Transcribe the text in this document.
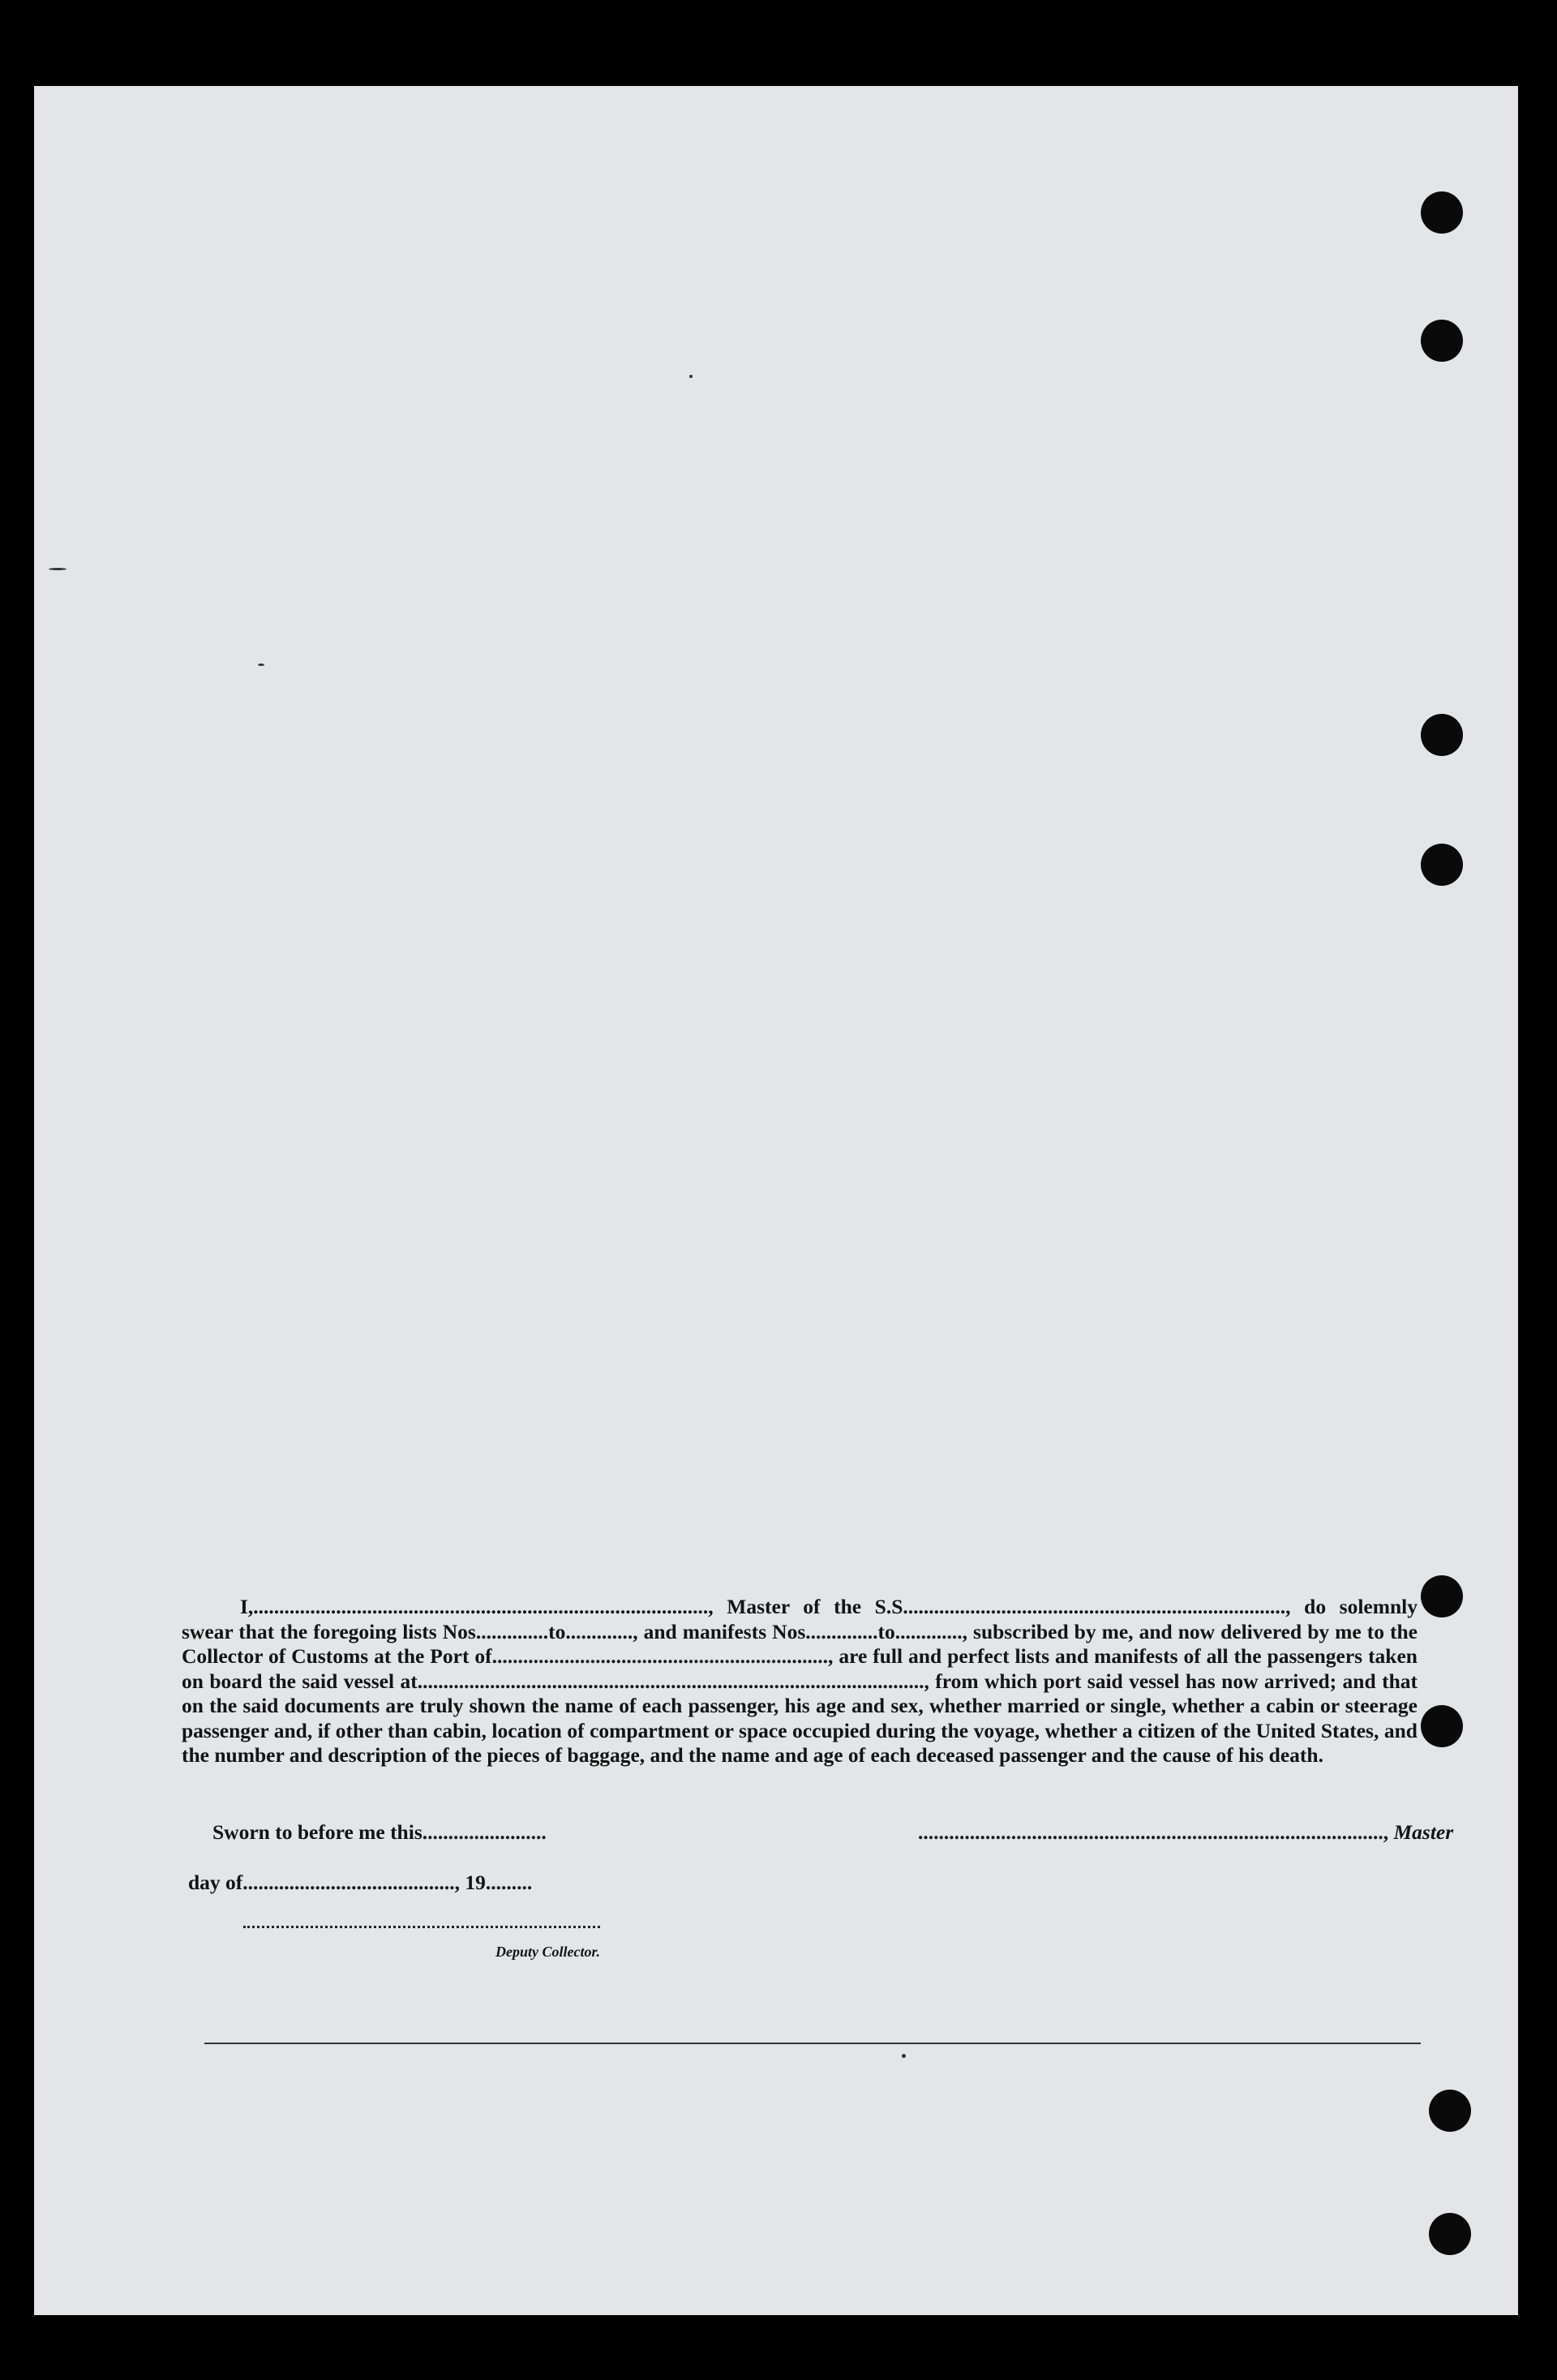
I,........................................................................................, Master of the S.S.........................................................................., do solemnly swear that the foregoing lists Nos..............to............., and manifests Nos..............to............., subscribed by me, and now delivered by me to the Collector of Customs at the Port of................................................................., are full and perfect lists and manifests of all the passengers taken on board the said vessel at.................................................................................................., from which port said vessel has now arrived; and that on the said documents are truly shown the name of each passenger, his age and sex, whether married or single, whether a cabin or steerage passenger and, if other than cabin, location of compartment or space occupied during the voyage, whether a citizen of the United States, and the number and description of the pieces of baggage, and the name and age of each deceased passenger and the cause of his death.

Sworn to before me this........................	.........................................................................................., Master
day of........................................., 19.........
Deputy Collector.
